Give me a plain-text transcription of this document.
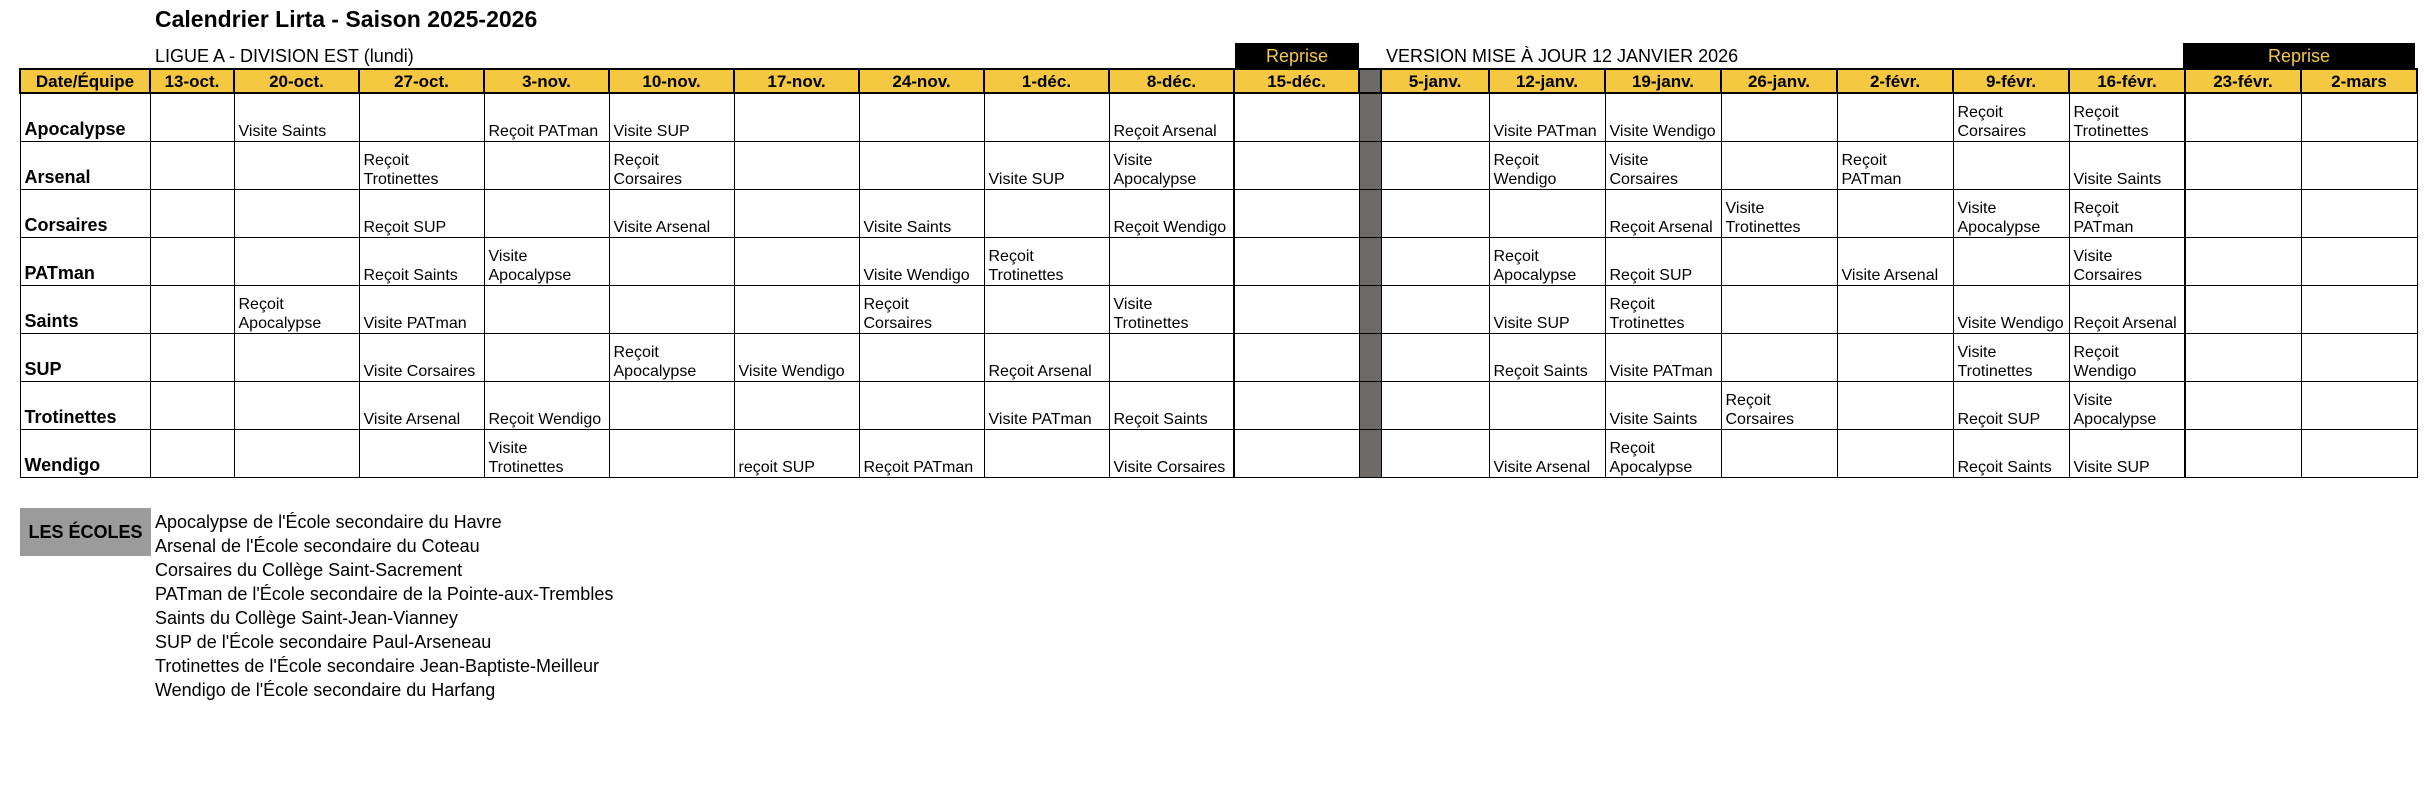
Calendrier Lirta - Saison 2025-2026
LIGUE A - DIVISION EST (lundi)	VERSION MISE À JOUR 12 JANVIER 2026
Reprise	Reprise
Date/Équipe	13-oct.	20-oct.	27-oct.	3-nov.	10-nov.	17-nov.	24-nov.	1-déc.	8-déc.	15-déc.		5-janv.	12-janv.	19-janv.	26-janv.	2-févr.	9-févr.	16-févr.	23-févr.	2-mars
Apocalypse		Visite Saints		Reçoit PATman	Visite SUP				Reçoit Arsenal				Visite PATman	Visite Wendigo			Reçoit Corsaires	Reçoit Trotinettes		
Arsenal			Reçoit Trotinettes		Reçoit Corsaires			Visite SUP	Visite Apocalypse				Reçoit Wendigo	Visite Corsaires		Reçoit PATman		Visite Saints		
Corsaires			Reçoit SUP		Visite Arsenal		Visite Saints		Reçoit Wendigo					Reçoit Arsenal	Visite Trotinettes		Visite Apocalypse	Reçoit PATman		
PATman			Reçoit Saints	Visite Apocalypse			Visite Wendigo	Reçoit Trotinettes					Reçoit Apocalypse	Reçoit SUP		Visite Arsenal		Visite Corsaires		
Saints		Reçoit Apocalypse	Visite PATman				Reçoit Corsaires		Visite Trotinettes				Visite SUP	Reçoit Trotinettes			Visite Wendigo	Reçoit Arsenal		
SUP			Visite Corsaires		Reçoit Apocalypse	Visite Wendigo		Reçoit Arsenal					Reçoit Saints	Visite PATman			Visite Trotinettes	Reçoit Wendigo		
Trotinettes			Visite Arsenal	Reçoit Wendigo				Visite PATman	Reçoit Saints					Visite Saints	Reçoit Corsaires		Reçoit SUP	Visite Apocalypse		
Wendigo				Visite Trotinettes		reçoit SUP	Reçoit PATman		Visite Corsaires				Visite Arsenal	Reçoit Apocalypse			Reçoit Saints	Visite SUP		
LES ÉCOLES Apocalypse de l'École secondaire du Havre
Arsenal de l'École secondaire du Coteau
Corsaires du Collège Saint-Sacrement
PATman de l'École secondaire de la Pointe-aux-Trembles
Saints du Collège Saint-Jean-Vianney
SUP de l'École secondaire Paul-Arseneau
Trotinettes de l'École secondaire Jean-Baptiste-Meilleur
Wendigo de l'École secondaire du Harfang
